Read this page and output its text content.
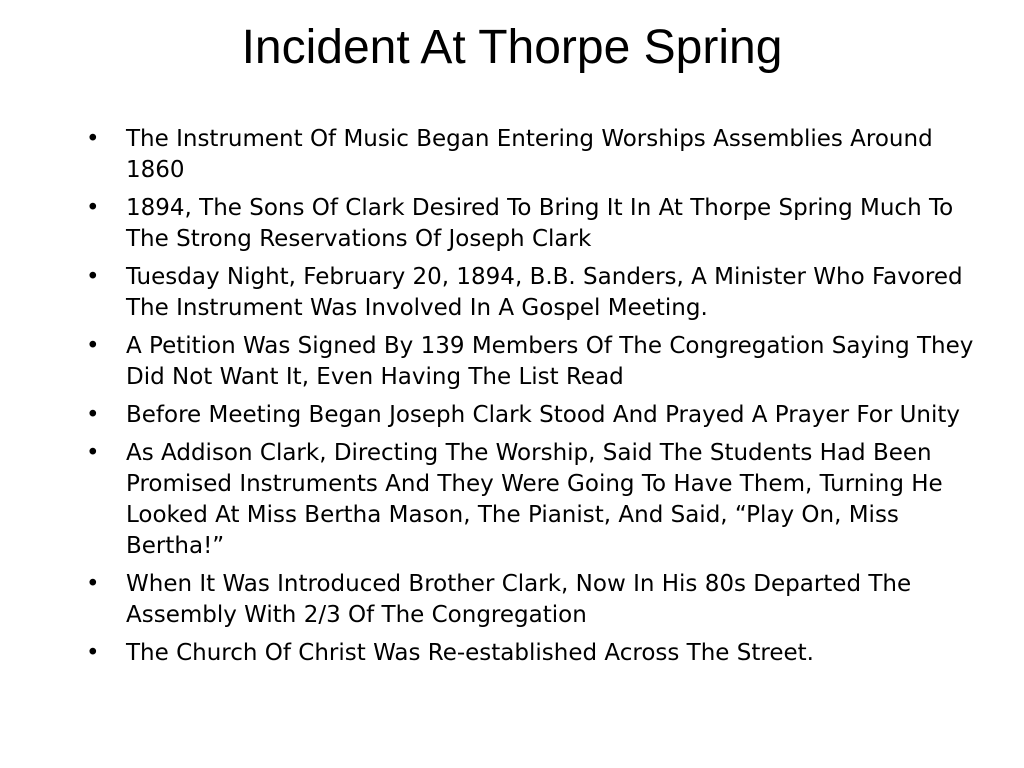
Incident At Thorpe Spring
• The Instrument Of Music Began Entering Worships Assemblies Around 1860
• 1894, The Sons Of Clark Desired To Bring It In At Thorpe Spring Much To The Strong Reservations Of Joseph Clark
• Tuesday Night, February 20, 1894, B.B. Sanders, A Minister Who Favored The Instrument Was Involved In A Gospel Meeting.
• A Petition Was Signed By 139 Members Of The Congregation Saying They Did Not Want It, Even Having The List Read
• Before Meeting Began Joseph Clark Stood And Prayed A Prayer For Unity
• As Addison Clark, Directing The Worship, Said The Students Had Been Promised Instruments And They Were Going To Have Them, Turning He Looked At Miss Bertha Mason, The Pianist, And Said, “Play On, Miss Bertha!”
• When It Was Introduced Brother Clark, Now In His 80s Departed The Assembly With 2/3 Of The Congregation
• The Church Of Christ Was Re-established Across The Street.
